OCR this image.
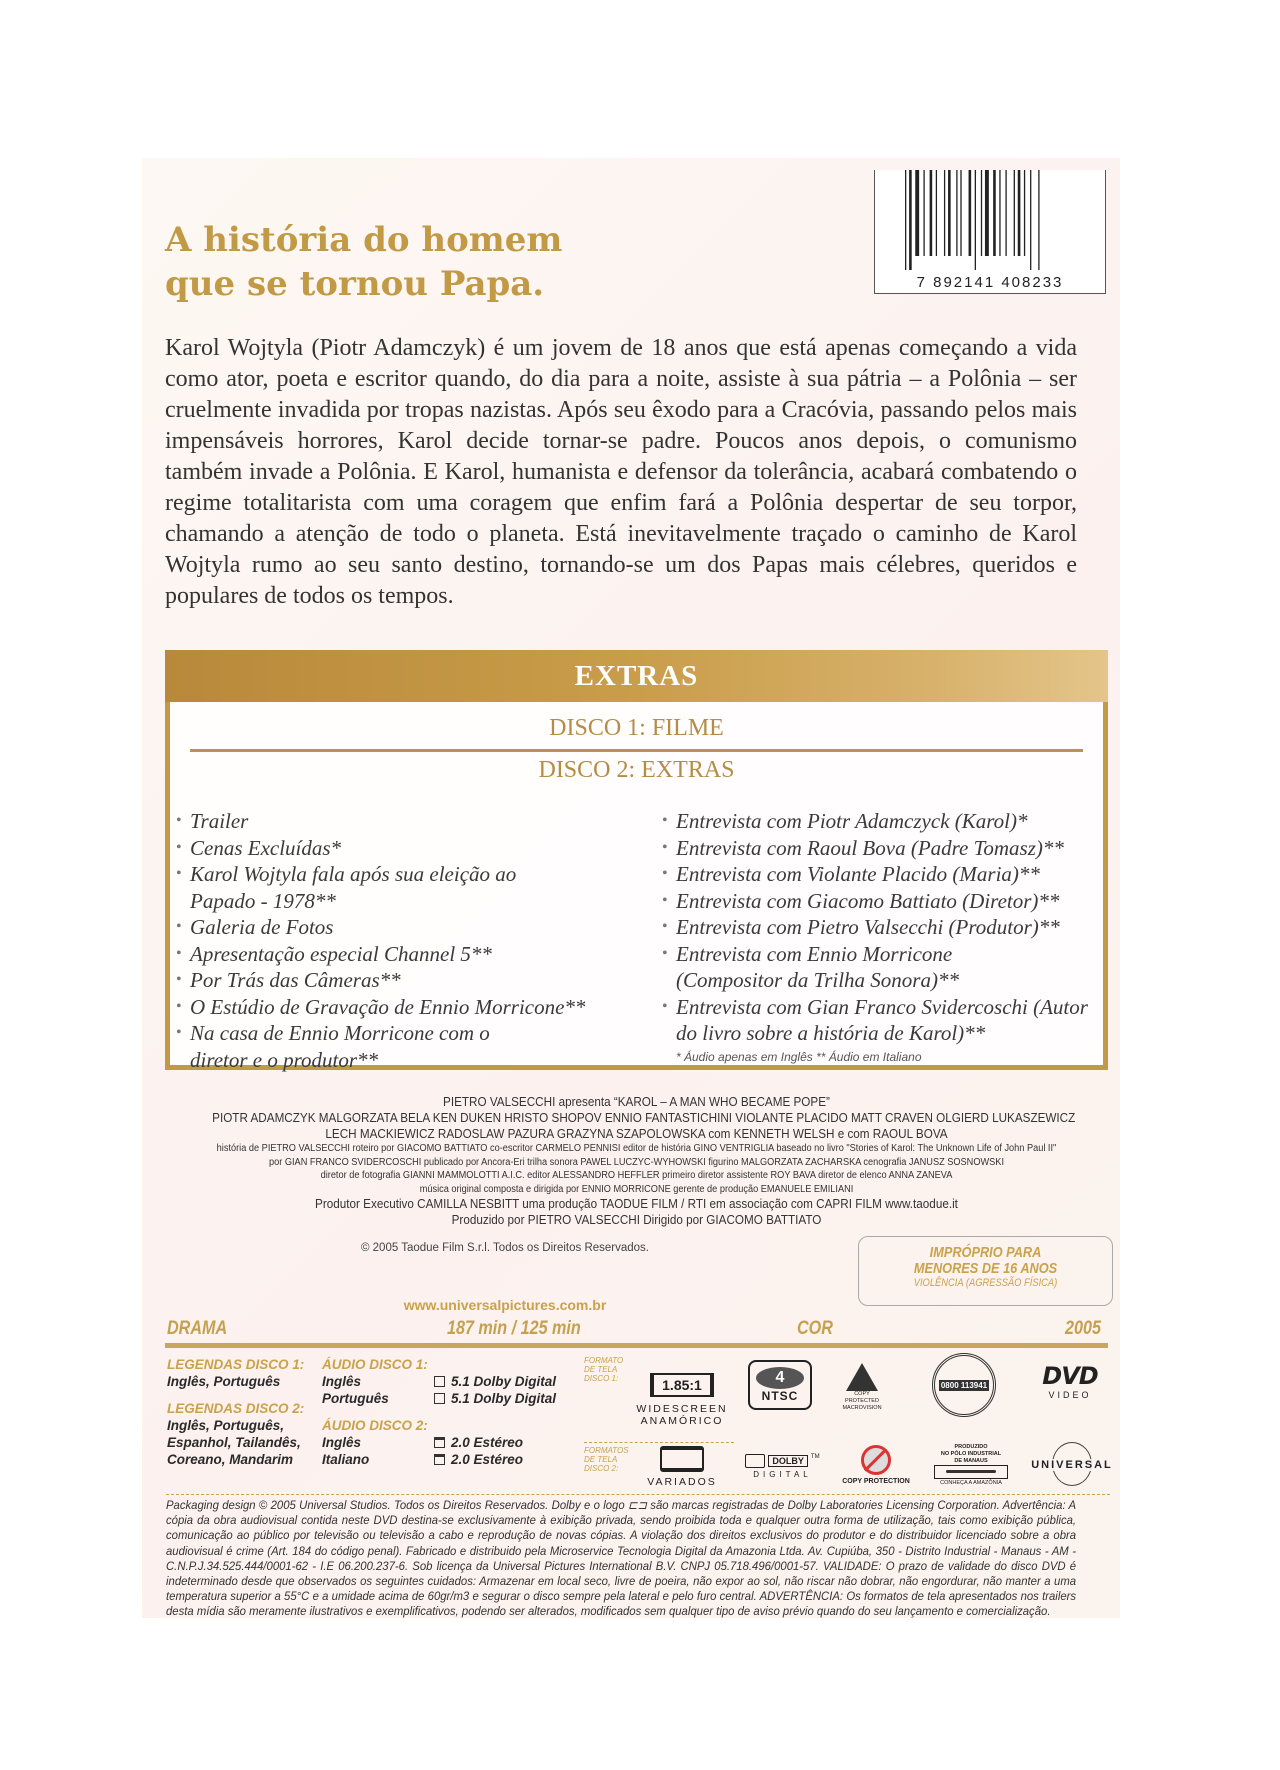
A história do homem
que se tornou Papa.	7 892141 408233

Karol Wojtyla (Piotr Adamczyk) é um jovem de 18 anos que está apenas começando a vida como ator, poeta e escritor quando, do dia para a noite, assiste à sua pátria – a Polônia – ser cruelmente invadida por tropas nazistas. Após seu êxodo para a Cracóvia, passando pelos mais impensáveis horrores, Karol decide tornar-se padre. Poucos anos depois, o comunismo também invade a Polônia. E Karol, humanista e defensor da tolerância, acabará combatendo o regime totalitarista com uma coragem que enfim fará a Polônia despertar de seu torpor, chamando a atenção de todo o planeta. Está inevitavelmente traçado o caminho de Karol Wojtyla rumo ao seu santo destino, tornando-se um dos Papas mais célebres, queridos e populares de todos os tempos.

EXTRAS
DISCO 1: FILME
DISCO 2: EXTRAS
• Trailer
• Cenas Excluídas*
• Karol Wojtyla fala após sua eleição ao Papado - 1978**
• Galeria de Fotos
• Apresentação especial Channel 5**
• Por Trás das Câmeras**
• O Estúdio de Gravação de Ennio Morricone**
• Na casa de Ennio Morricone com o diretor e o produtor**
• Entrevista com Piotr Adamczyck (Karol)*
• Entrevista com Raoul Bova (Padre Tomasz)**
• Entrevista com Violante Placido (Maria)**
• Entrevista com Giacomo Battiato (Diretor)**
• Entrevista com Pietro Valsecchi (Produtor)**
• Entrevista com Ennio Morricone (Compositor da Trilha Sonora)**
• Entrevista com Gian Franco Svidercoschi (Autor do livro sobre a história de Karol)**
* Áudio apenas em Inglês ** Áudio em Italiano
PIETRO VALSECCHI apresenta “KAROL – A MAN WHO BECAME POPE”
PIOTR ADAMCZYK MALGORZATA BELA KEN DUKEN HRISTO SHOPOV ENNIO FANTASTICHINI VIOLANTE PLACIDO MATT CRAVEN OLGIERD LUKASZEWICZ
LECH MACKIEWICZ RADOSLAW PAZURA GRAZYNA SZAPOLOWSKA com KENNETH WELSH e com RAOUL BOVA
história de PIETRO VALSECCHI roteiro por GIACOMO BATTIATO co-escritor CARMELO PENNISI editor de história GINO VENTRIGLIA baseado no livro "Stories of Karol: The Unknown Life of John Paul II"
por GIAN FRANCO SVIDERCOSCHI publicado por Ancora-Eri trilha sonora PAWEL LUCZYC-WYHOWSKI figurino MALGORZATA ZACHARSKA cenografia JANUSZ SOSNOWSKI
diretor de fotografia GIANNI MAMMOLOTTI A.I.C. editor ALESSANDRO HEFFLER primeiro diretor assistente ROY BAVA diretor de elenco ANNA ZANEVA
música original composta e dirigida por ENNIO MORRICONE gerente de produção EMANUELE EMILIANI
Produtor Executivo CAMILLA NESBITT uma produção TAODUE FILM / RTI em associação com CAPRI FILM www.taodue.it
Produzido por PIETRO VALSECCHI Dirigido por GIACOMO BATTIATO
© 2005 Taodue Film S.r.l. Todos os Direitos Reservados.	IMPRÓPRIO PARA
MENORES DE 16 ANOS
VIOLÊNCIA (AGRESSÃO FÍSICA)
www.universalpictures.com.br
DRAMA	187 min / 125 min	COR	2005
LEGENDAS DISCO 1:
Inglês, Português
LEGENDAS DISCO 2:
Inglês, Português,
Espanhol, Tailandês,
Coreano, Mandarim
ÁUDIO DISCO 1:
Inglês	5.1 Dolby Digital
Português	5.1 Dolby Digital
ÁUDIO DISCO 2:
Inglês	2.0 Estéreo
Italiano	2.0 Estéreo
FORMATO DE TELA DISCO 1:	1.85:1
WIDESCREEN
ANAMÓRICO
4
NTSC	COPY PROTECTED MACROVISION
0800 113941 DVD
VIDEO
FORMATOS DE TELA DISCO 2:
VARIADOS
DOLBY	TM
DIGITAL
COPY PROTECTION
PRODUZIDO
NO PÓLO INDUSTRIAL
DE MANAUS
CONHEÇA A AMAZÔNIA
UNIVERSAL

Packaging design © 2005 Universal Studios. Todos os Direitos Reservados. Dolby e o logo ⊏⊐ são marcas registradas de Dolby Laboratories Licensing Corporation. Advertência: A cópia da obra audiovisual contida neste DVD destina-se exclusivamente à exibição privada, sendo proibida toda e qualquer outra forma de utilização, tais como exibição pública, comunicação ao público por televisão ou televisão a cabo e reprodução de novas cópias. A violação dos direitos exclusivos do produtor e do distribuidor licenciado sobre a obra audiovisual é crime (Art. 184 do código penal). Fabricado e distribuido pela Microservice Tecnologia Digital da Amazonia Ltda. Av. Cupiúba, 350 - Distrito Industrial - Manaus - AM - C.N.P.J.34.525.444/0001-62 - I.E 06.200.237-6. Sob licença da Universal Pictures International B.V. CNPJ 05.718.496/0001-57. VALIDADE: O prazo de validade do disco DVD é indeterminado desde que observados os seguintes cuidados: Armazenar em local seco, livre de poeira, não expor ao sol, não riscar não dobrar, não engordurar, não manter a uma temperatura superior a 55°C e a umidade acima de 60gr/m3 e segurar o disco sempre pela lateral e pelo furo central. ADVERTÊNCIA: Os formatos de tela apresentados nos trailers desta mídia são meramente ilustrativos e exemplificativos, podendo ser alterados, modificados sem qualquer tipo de aviso prévio quando do seu lançamento e comercialização.
